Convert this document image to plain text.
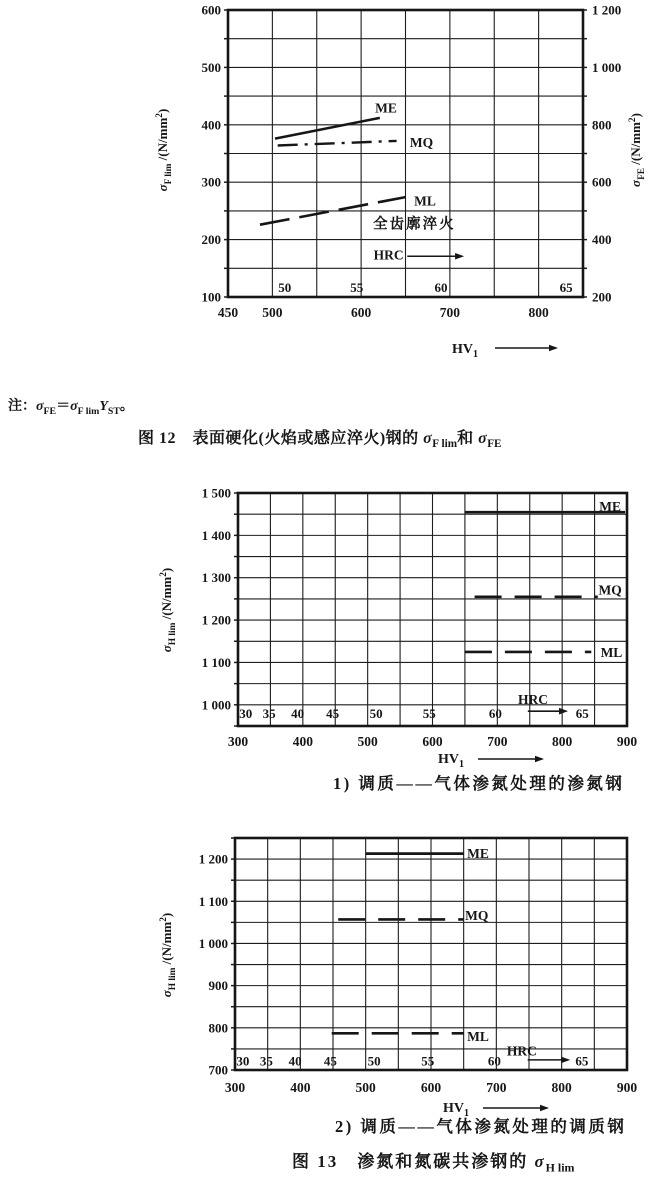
600
500
400
300
200
100
1 200
1 000
800
600
400
200
450 500	600	700	800
$\sigma_{F lim}$ $/(N/mm^2)$
$\sigma_{FE}$ $/(N/mm^2)$
$HV_1$
ME
MQ
ML
全齿廓淬火
HRC
50	55	60	65
注：$\sigma_{FE}=\sigma_{F lim}Y_{ST}$。
图 12　表面硬化(火焰或感应淬火)钢的 $\sigma_{F lim}$和 $\sigma_{FE}$
1 500
1 400
1 300
1 200
1 100
1 000
300	400	500	600	700	800	900
$\sigma_{H lim}$ $/(N/mm^2)$
$HV_1$
ME
MQ
ML
HRC
30 35 40 45 50	55	60	65
1) 调质——气体渗氮处理的渗氮钢
1 200
1 100
1 000
900
800
700
300	400	500	600	700	800	900
$\sigma_{H lim}$ $/(N/mm^2)$
$HV_1$
ME
MQ
ML
HRC
30 35 40 45 50	55	60	65
2) 调质——气体渗氮处理的调质钢
图 13　渗氮和氮碳共渗钢的 $\sigma_{H lim}$
